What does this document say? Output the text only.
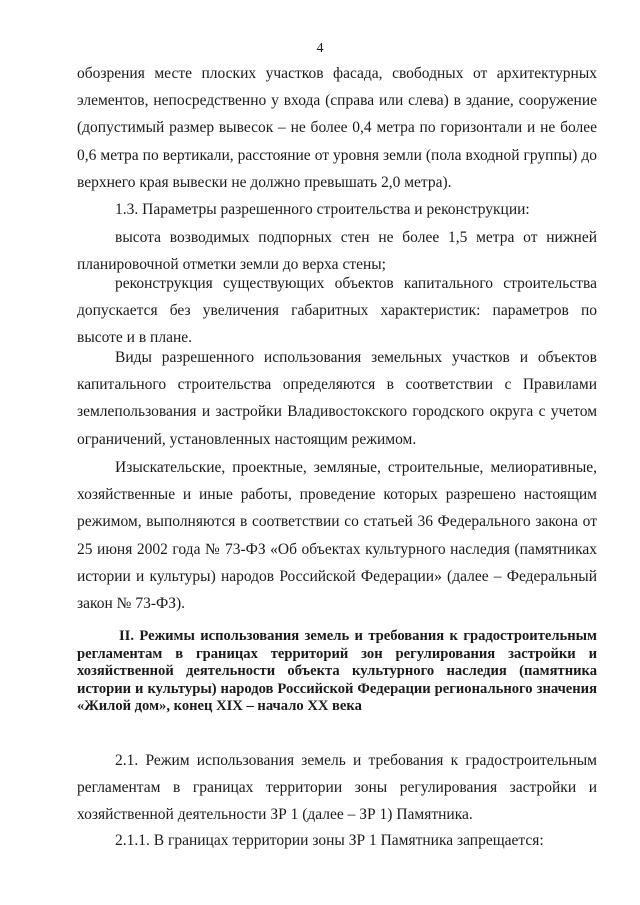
4

обозрения месте плоских участков фасада, свободных от архитектурных элементов, непосредственно у входа (справа или слева) в здание, сооружение (допустимый размер вывесок – не более 0,4 метра по горизонтали и не более 0,6 метра по вертикали, расстояние от уровня земли (пола входной группы) до верхнего края вывески не должно превышать 2,0 метра).

1.3. Параметры разрешенного строительства и реконструкции:

высота возводимых подпорных стен не более 1,5 метра от нижней планировочной отметки земли до верха стены;

реконструкция существующих объектов капитального строительства допускается без увеличения габаритных характеристик: параметров по высоте и в плане.

Виды разрешенного использования земельных участков и объектов капитального строительства определяются в соответствии с Правилами землепользования и застройки Владивостокского городского округа с учетом ограничений, установленных настоящим режимом.

Изыскательские, проектные, земляные, строительные, мелиоративные, хозяйственные и иные работы, проведение которых разрешено настоящим режимом, выполняются в соответствии со статьей 36 Федерального закона от 25 июня 2002 года № 73-ФЗ «Об объектах культурного наследия (памятниках истории и культуры) народов Российской Федерации» (далее – Федеральный закон № 73-ФЗ).

II. Режимы использования земель и требования к градостроительным регламентам в границах территорий зон регулирования застройки и хозяйственной деятельности объекта культурного наследия (памятника истории и культуры) народов Российской Федерации регионального значения «Жилой дом», конец XIX – начало XX века

2.1. Режим использования земель и требования к градостроительным регламентам в границах территории зоны регулирования застройки и хозяйственной деятельности ЗР 1 (далее – ЗР 1) Памятника.

2.1.1. В границах территории зоны ЗР 1 Памятника запрещается:
